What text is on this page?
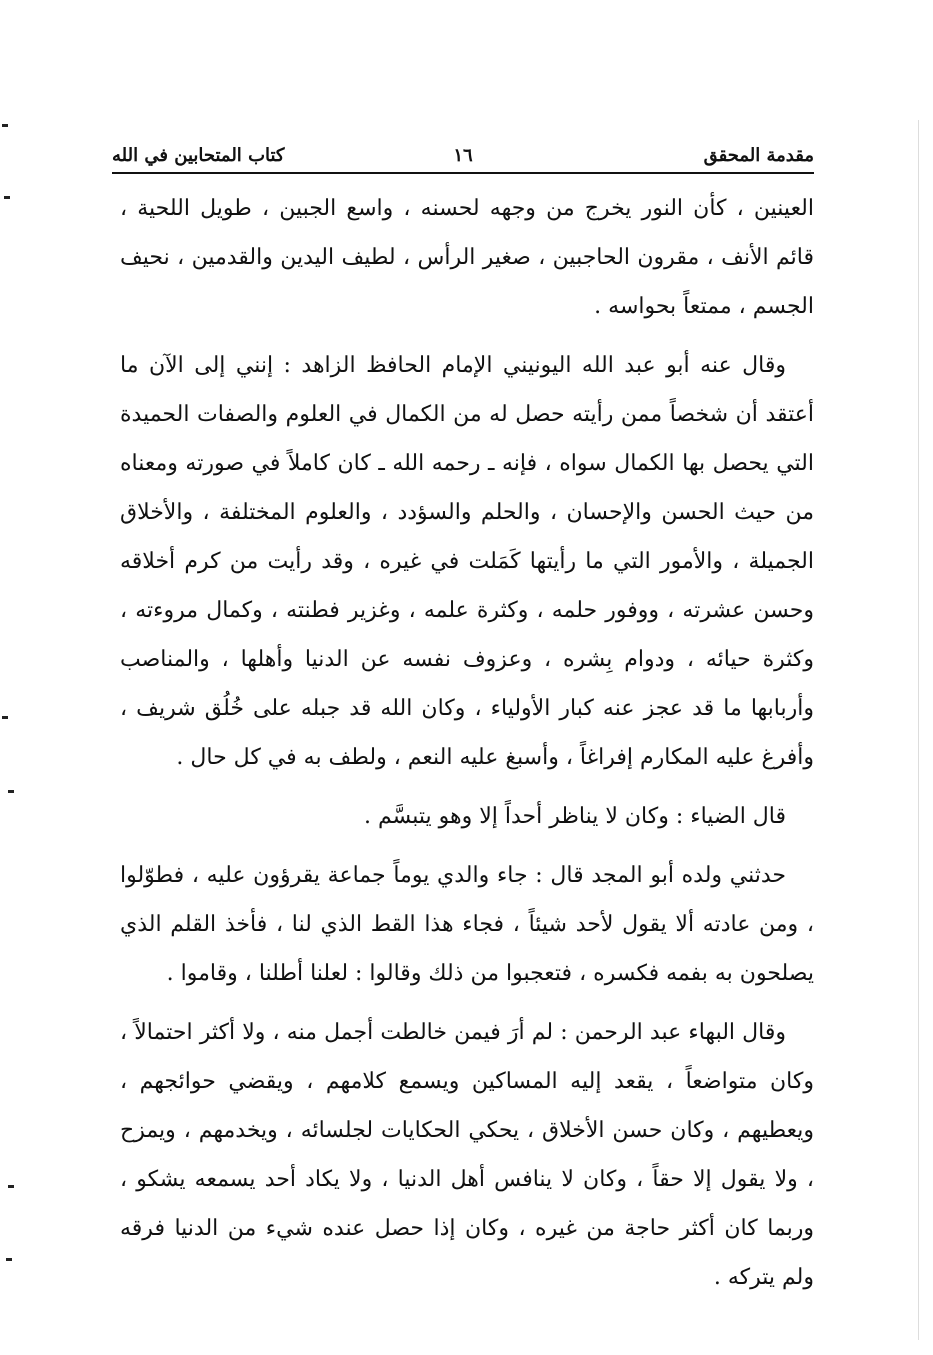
مقدمة المحقق
١٦
كتاب المتحابين في الله

العينين ، كأن النور يخرج من وجهه لحسنه ، واسع الجبين ، طويل اللحية ، قائم الأنف ، مقرون الحاجبين ، صغير الرأس ، لطيف اليدين والقدمين ، نحيف الجسم ، ممتعاً بحواسه .

وقال عنه أبو عبد الله اليونيني الإمام الحافظ الزاهد : إنني إلى الآن ما أعتقد أن شخصاً ممن رأيته حصل له من الكمال في العلوم والصفات الحميدة التي يحصل بها الكمال سواه ، فإنه ـ رحمه الله ـ كان كاملاً في صورته ومعناه من حيث الحسن والإحسان ، والحلم والسؤدد ، والعلوم المختلفة ، والأخلاق الجميلة ، والأمور التي ما رأيتها كَمَلت في غيره ، وقد رأيت من كرم أخلاقه وحسن عشرته ، ووفور حلمه ، وكثرة علمه ، وغزير فطنته ، وكمال مروءته ، وكثرة حيائه ، ودوام بِشره ، وعزوف نفسه عن الدنيا وأهلها ، والمناصب وأربابها ما قد عجز عنه كبار الأولياء ، وكان الله قد جبله على خُلُق شريف ، وأفرغ عليه المكارم إفراغاً ، وأسبغ عليه النعم ، ولطف به في كل حال .

قال الضياء : وكان لا يناظر أحداً إلا وهو يتبسَّم .

حدثني ولده أبو المجد قال : جاء والدي يوماً جماعة يقرؤون عليه ، فطوّلوا ، ومن عادته ألا يقول لأحد شيئاً ، فجاء هذا القط الذي لنا ، فأخذ القلم الذي يصلحون به بفمه فكسره ، فتعجبوا من ذلك وقالوا : لعلنا أطلنا ، وقاموا .

وقال البهاء عبد الرحمن : لم أرَ فيمن خالطت أجمل منه ، ولا أكثر احتمالاً ، وكان متواضعاً ، يقعد إليه المساكين ويسمع كلامهم ، ويقضي حوائجهم ، ويعطيهم ، وكان حسن الأخلاق ، يحكي الحكايات لجلسائه ، ويخدمهم ، ويمزح ، ولا يقول إلا حقاً ، وكان لا ينافس أهل الدنيا ، ولا يكاد أحد يسمعه يشكو ، وربما كان أكثر حاجة من غيره ، وكان إذا حصل عنده شيء من الدنيا فرقه ولم يتركه .
